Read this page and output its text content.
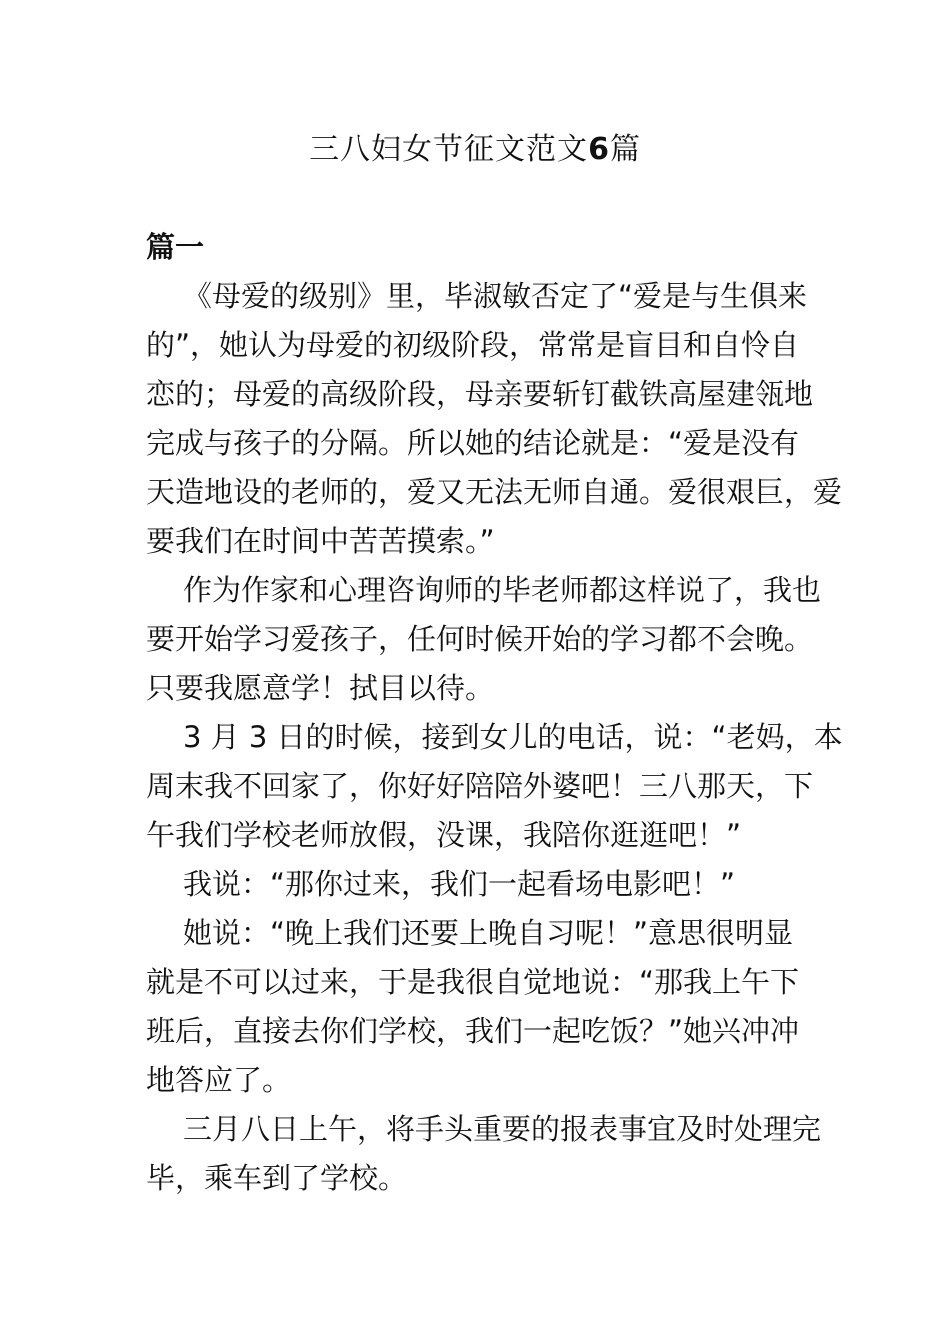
三八妇女节征文范文6篇
篇一

《母爱的级别》里，毕淑敏否定了“爱是与生俱来
的”，她认为母爱的初级阶段，常常是盲目和自怜自
恋的；母爱的高级阶段，母亲要斩钉截铁高屋建瓴地
完成与孩子的分隔。所以她的结论就是：“爱是没有
天造地设的老师的，爱又无法无师自通。爱很艰巨，爱
要我们在时间中苦苦摸索。”

作为作家和心理咨询师的毕老师都这样说了，我也
要开始学习爱孩子，任何时候开始的学习都不会晚。
只要我愿意学！拭目以待。

3 月 3 日的时候，接到女儿的电话，说：“老妈，本
周末我不回家了，你好好陪陪外婆吧！三八那天，下
午我们学校老师放假，没课，我陪你逛逛吧！”

我说：“那你过来，我们一起看场电影吧！”

她说：“晚上我们还要上晚自习呢！”意思很明显
就是不可以过来，于是我很自觉地说：“那我上午下
班后，直接去你们学校，我们一起吃饭？”她兴冲冲
地答应了。

三月八日上午，将手头重要的报表事宜及时处理完
毕，乘车到了学校。
